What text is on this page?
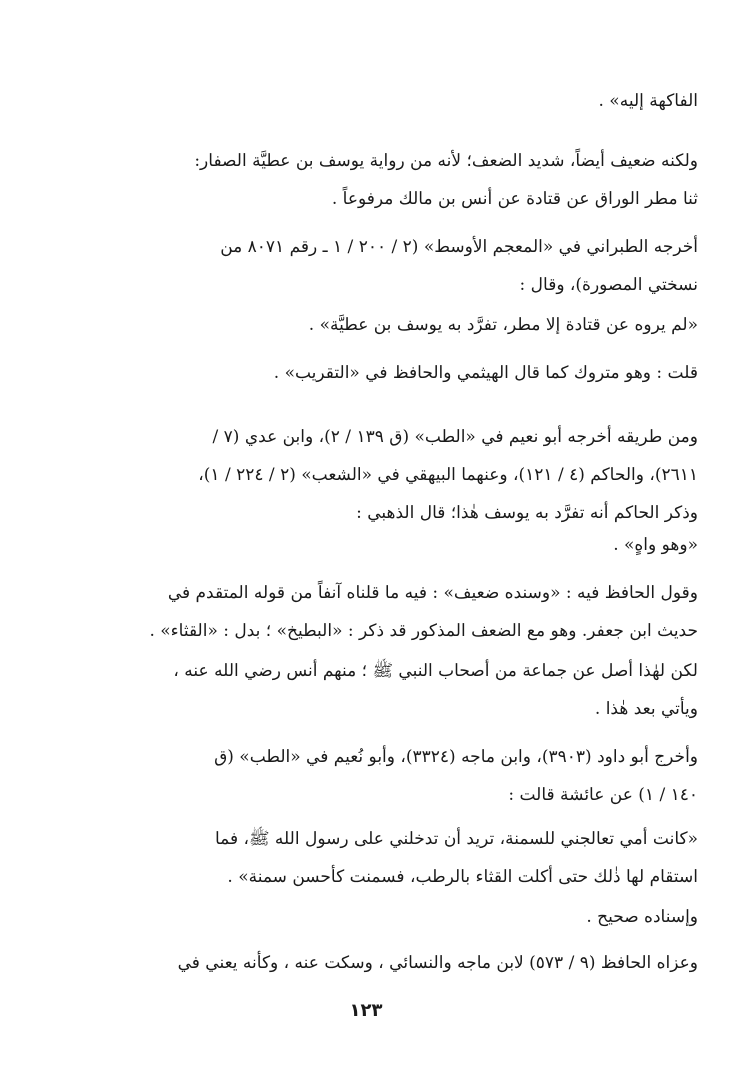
الفاكهة إليه» .
ولكنه ضعيف أيضاً، شديد الضعف؛ لأنه من رواية يوسف بن عطيَّة الصفار:
ثنا مطر الوراق عن قتادة عن أنس بن مالك مرفوعاً .
أخرجه الطبراني في «المعجم الأوسط» (٢ / ٢٠٠ / ١ ـ رقم ٨٠٧١ من
نسختي المصورة)، وقال :
«لم يروه عن قتادة إلا مطر، تفرَّد به يوسف بن عطيَّة» .
قلت : وهو متروك كما قال الهيثمي والحافظ في «التقريب» .
ومن طريقه أخرجه أبو نعيم في «الطب» (ق ١٣٩ / ٢)، وابن عدي (٧ /
٢٦١١)، والحاكم (٤ / ١٢١)، وعنهما البيهقي في «الشعب» (٢ / ٢٢٤ / ١)،
وذكر الحاكم أنه تفرَّد به يوسف هٰذا؛ قال الذهبي :
«وهو واهٍ» .
وقول الحافظ فيه : «وسنده ضعيف» : فيه ما قلناه آنفاً من قوله المتقدم في
حديث ابن جعفر. وهو مع الضعف المذكور قد ذكر : «البطيخ» ؛ بدل : «القثاء» .
لكن لهٰذا أصل عن جماعة من أصحاب النبي ﷺ ؛ منهم أنس رضي الله عنه ،
ويأتي بعد هٰذا .
وأخرج أبو داود (٣٩٠٣)، وابن ماجه (٣٣٢٤)، وأبو نُعيم في «الطب» (ق
١٤٠ / ١) عن عائشة قالت :
«كانت أمي تعالجني للسمنة، تريد أن تدخلني على رسول الله ﷺ، فما
استقام لها ذٰلك حتى أكلت القثاء بالرطب، فسمنت كأحسن سمنة» .
وإسناده صحيح .
وعزاه الحافظ (٩ / ٥٧٣) لابن ماجه والنسائي ، وسكت عنه ، وكأنه يعني في
١٢٣
